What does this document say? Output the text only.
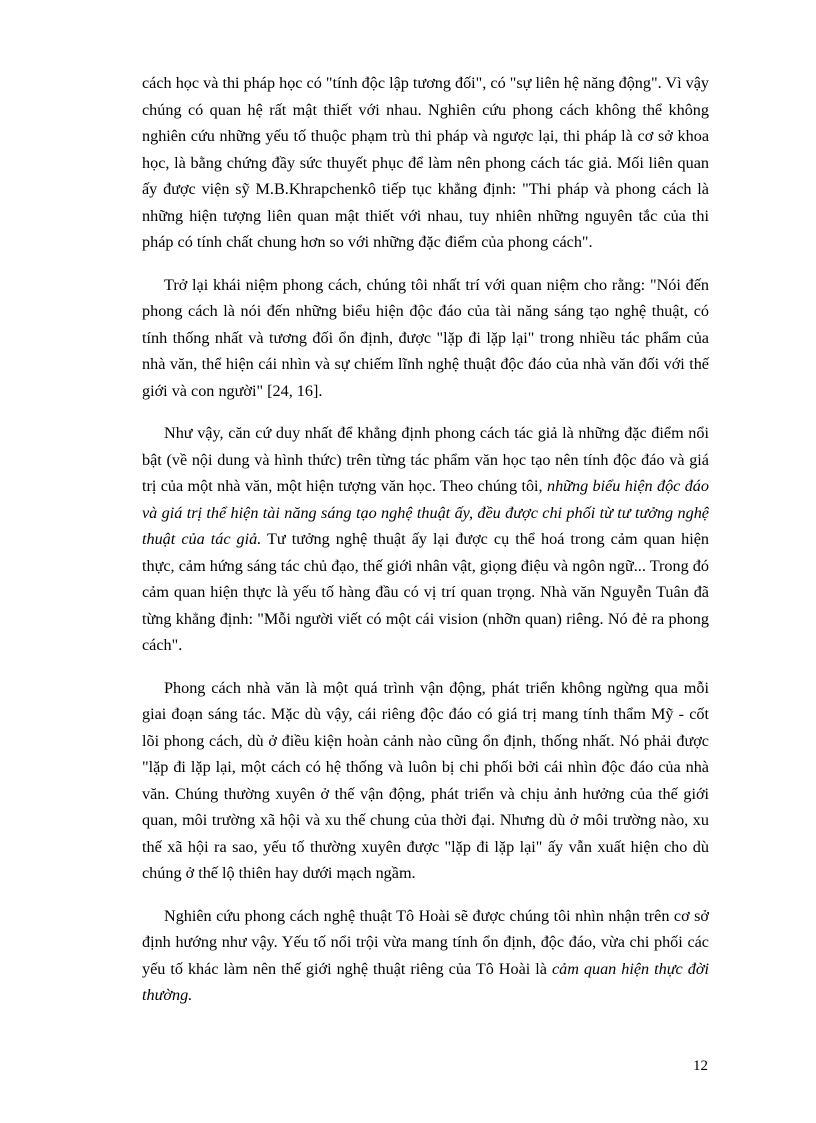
cách học và thi pháp học có "tính độc lập tương đối", có "sự liên hệ năng động". Vì vậy chúng có quan hệ rất mật thiết với nhau. Nghiên cứu phong cách không thể không nghiên cứu những yếu tố thuộc phạm trù thi pháp và ngược lại, thi pháp là cơ sở khoa học, là bằng chứng đầy sức thuyết phục để làm nên phong cách tác giả. Mối liên quan ấy được viện sỹ M.B.Khrapchenkô tiếp tục khẳng định: "Thi pháp và phong cách là những hiện tượng liên quan mật thiết với nhau, tuy nhiên những nguyên tắc của thi pháp có tính chất chung hơn so với những đặc điểm của phong cách".

Trở lại khái niệm phong cách, chúng tôi nhất trí với quan niệm cho rằng: "Nói đến phong cách là nói đến những biểu hiện độc đáo của tài năng sáng tạo nghệ thuật, có tính thống nhất và tương đối ổn định, được "lặp đi lặp lại" trong nhiều tác phẩm của nhà văn, thể hiện cái nhìn và sự chiếm lĩnh nghệ thuật độc đáo của nhà văn đối với thế giới và con người" [24, 16].

Như vậy, căn cứ duy nhất để khẳng định phong cách tác giả là những đặc điểm nổi bật (về nội dung và hình thức) trên từng tác phẩm văn học tạo nên tính độc đáo và giá trị của một nhà văn, một hiện tượng văn học. Theo chúng tôi, những biểu hiện độc đáo và giá trị thể hiện tài năng sáng tạo nghệ thuật ấy, đều được chi phối từ tư tưởng nghệ thuật của tác giả. Tư tưởng nghệ thuật ấy lại được cụ thể hoá trong cảm quan hiện thực, cảm hứng sáng tác chủ đạo, thế giới nhân vật, giọng điệu và ngôn ngữ... Trong đó cảm quan hiện thực là yếu tố hàng đầu có vị trí quan trọng. Nhà văn Nguyễn Tuân đã từng khẳng định: "Mỗi người viết có một cái vision (nhỡn quan) riêng. Nó đẻ ra phong cách".

Phong cách nhà văn là một quá trình vận động, phát triển không ngừng qua mỗi giai đoạn sáng tác. Mặc dù vậy, cái riêng độc đáo có giá trị mang tính thẩm Mỹ - cốt lõi phong cách, dù ở điều kiện hoàn cảnh nào cũng ổn định, thống nhất. Nó phải được "lặp đi lặp lại, một cách có hệ thống và luôn bị chi phối bởi cái nhìn độc đáo của nhà văn. Chúng thường xuyên ở thế vận động, phát triển và chịu ảnh hưởng của thế giới quan, môi trường xã hội và xu thế chung của thời đại. Nhưng dù ở môi trường nào, xu thế xã hội ra sao, yếu tố thường xuyên được "lặp đi lặp lại" ấy vẫn xuất hiện cho dù chúng ở thế lộ thiên hay dưới mạch ngầm.

Nghiên cứu phong cách nghệ thuật Tô Hoài sẽ được chúng tôi nhìn nhận trên cơ sở định hướng như vậy. Yếu tố nổi trội vừa mang tính ổn định, độc đáo, vừa chi phối các yếu tố khác làm nên thế giới nghệ thuật riêng của Tô Hoài là cảm quan hiện thực đời thường.

12
